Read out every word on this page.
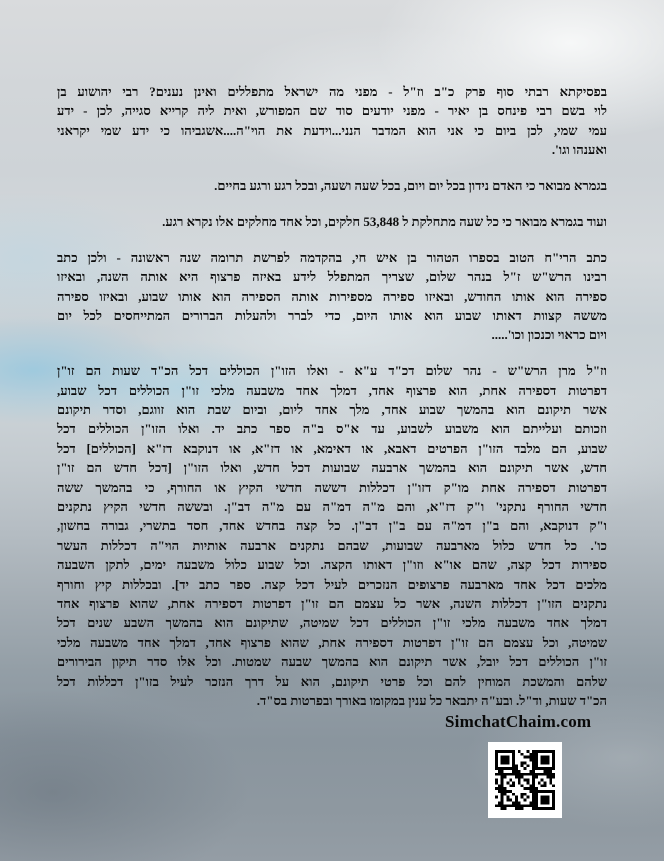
בפסיקתא רבתי סוף פרק כ"ב וז"ל - מפני מה ישראל מתפללים ואינן נענים? רבי יהושוע בן
לוי בשם רבי פינחס בן יאיר - מפני יודעים סוד שם המפורש, ואית ליה קרייא סגייה, לכן - ידע
עמי שמי, לכן ביום כי אני הוא המדבר הנני...וידעת את הוי"ה....אשגביהו כי ידע שמי יקראני
ואענהו וגו'.

בגמרא מבואר כי האדם נידון בכל יום ויום, בכל שעה ושעה, ובכל רגע ורגע בחיים.

ועוד בגמרא מבואר כי כל שעה מתחלקת ל 53,848 חלקים, וכל אחד מחלקים אלו נקרא רגע.

כתב הרי"ח הטוב בספרו הטהור בן איש חי, בהקדמה לפרשת תרומה שנה ראשונה - ולכן כתב
רבינו הרש"ש ז"ל בנהר שלום, שצריך המתפלל לידע באיזה פרצוף היא אותה השנה, ובאיזו
ספירה הוא אותו החודש, ובאיזו ספירה מספירות אותה הספירה הוא אותו שבוע, ובאיזו ספירה
מששה קצוות דאותו שבוע הוא אותו היום, כדי לברר ולהעלות הברורים המתייחסים לכל יום
ויום כראוי וכנכון וכו'.....

וז"ל מרן הרש"ש - נהר שלום דכ"ד ע"א - ואלו הזו"ן הכוללים דכל הכ"ד שעות הם זו"ן
דפרטות דספירה אחת, הוא פרצוף אחד, דמלך אחד משבעה מלכי זו"ן הכוללים דכל שבוע,
אשר תיקונם הוא בהמשך שבוע אחד, מלך אחד ליום, וביום שבת הוא זווגם, וסדר תיקונם
וזכותם ועלייתם הוא משבוע לשבוע, עד א"ס ב"ה ספר כתב יד. ואלו הזו"ן הכוללים דכל
שבוע, הם מלבד הזו"ן הפרטים דאבא, או דאימא, או דז"א, או דנוקבא דז"א [הכוללים] דכל
חדש, אשר תיקונם הוא בהמשך ארבעה שבועות דכל חדש, ואלו הזו"ן [דכל חדש הם זו"ן
דפרטות דספירה אחת מו"ק דזו"ן דכללות דששה חדשי הקיץ או החורף, כי בהמשך ששה
חדשי החורף נתקני' ו"ק דז"א, והם מ"ה דמ"ה עם מ"ה דב"ן. ובששה חדשי הקיץ נתקנים
ו"ק דנוקבא, והם ב"ן דמ"ה עם ב"ן דב"ן. כל קצה בחדש אחד, חסד בתשרי, גבורה בחשון,
כו'. כל חדש כלול מארבעה שבועות, שבהם נתקנים ארבעה אותיות הוי"ה דכללות העשר
ספירות דכל קצה, שהם או"א וזו"ן דאותו הקצה. וכל שבוע כלול משבעה ימים, לתקן השבעה
מלכים דכל אחד מארבעה פרצופים הנזכרים לעיל דכל קצה. ספר כתב יד]. ובכללות קיץ וחורף
נתקנים הזו"ן דכללות השנה, אשר כל עצמם הם זו"ן דפרטות דספירה אחת, שהוא פרצוף אחד
דמלך אחד משבעה מלכי זו"ן הכוללים דכל שמיטה, שתיקונם הוא בהמשך השבע שנים דכל
שמיטה, וכל עצמם הם זו"ן דפרטות דספירה אחת, שהוא פרצוף אחד, דמלך אחד משבעה מלכי
זו"ן הכוללים דכל יובל, אשר תיקונם הוא בהמשך שבעה שמטות. וכל אלו סדר תיקון הבירורים
שלהם והמשכת המוחין להם וכל פרטי תיקונם, הוא על דרך הנזכר לעיל בזו"ן דכללות דכל
הכ"ד שעות, וד"ל. ובע"ה יתבאר כל ענין במקומו באורך ובפרטות בס"ד.

SimchatChaim.com
